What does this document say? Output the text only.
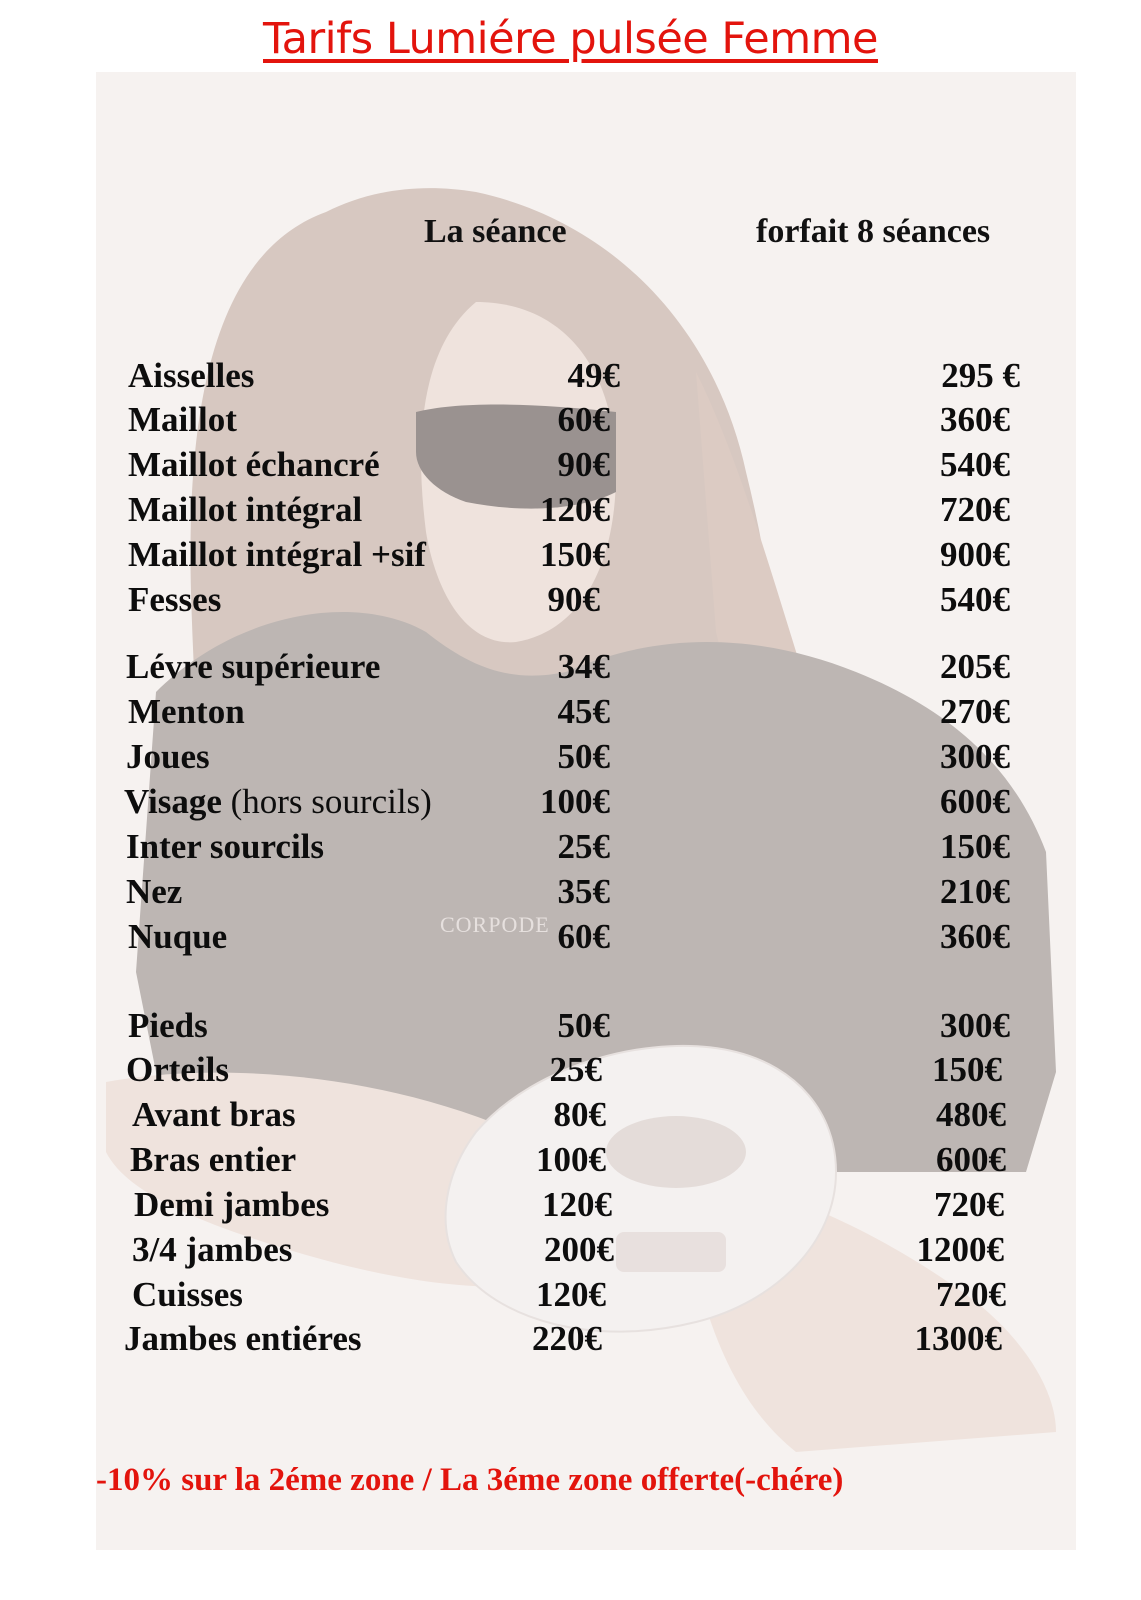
CORPODE
Tarifs Lumiére pulsée Femme
La séance	forfait 8 séances
Aisselles	49€	295 €
Maillot	60€	360€
Maillot échancré	90€	540€
Maillot intégral	120€	720€
Maillot intégral +sif	150€	900€
Fesses	90€	540€
Lévre supérieure	34€	205€
Menton	45€	270€
Joues	50€	300€
Visage (hors sourcils)	100€	600€
Inter sourcils	25€	150€
Nez	35€	210€
Nuque	60€	360€
Pieds	50€	300€
Orteils	25€	150€
Avant bras	80€	480€
Bras entier	100€	600€
Demi jambes	120€	720€
3/4 jambes	200€	1200€
Cuisses	120€	720€
Jambes entiéres	220€	1300€
-10% sur la 2éme zone / La 3éme zone offerte(-chére)
